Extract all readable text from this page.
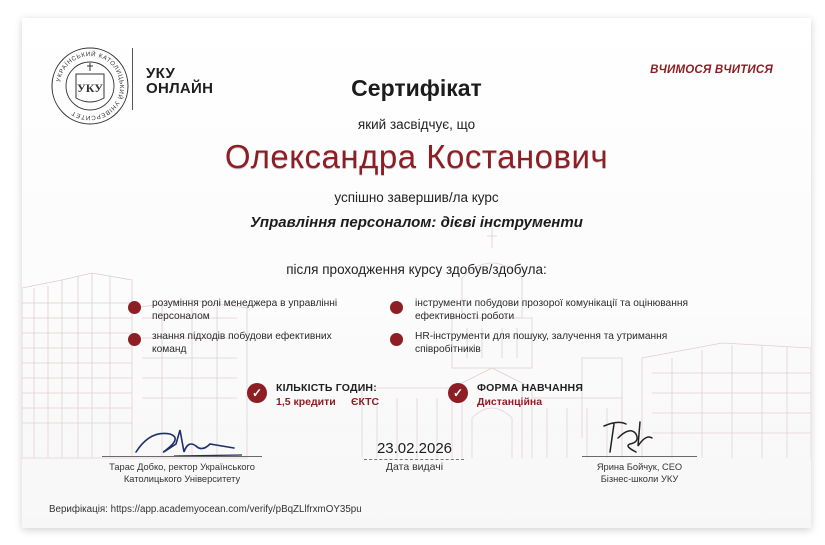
УКРАЇНСЬКИЙ КАТОЛИЦЬКИЙ УНІВЕРСИТЕТ
УКУ
УКУ
ОНЛАЙН
ВЧИМОСЯ ВЧИТИСЯ
Сертифікат
який засвідчує, що
Олександра Костанович
успішно завершив/ла курс
Управління персоналом: дієві інструменти
після проходження курсу здобув/здобула:
розуміння ролі менеджера в управлінні персоналом
інструменти побудови прозорої комунікації та оцінювання ефективності роботи
знання підходів побудови ефективних команд
HR-інструменти для пошуку, залучення та утримання співробітників
✓	КІЛЬКІСТЬ ГОДИН:
1,5 кредити ЄКТС
✓	ФОРМА НАВЧАННЯ
Дистанційна
Тарас Добко, ректор Українського
Католицького Університету
23.02.2026
Дата видачі	Ярина Бойчук, CEO
Бізнес-школи УКУ
Верифікація: https://app.academyocean.com/verify/pBqZLlfrxmOY35pu
